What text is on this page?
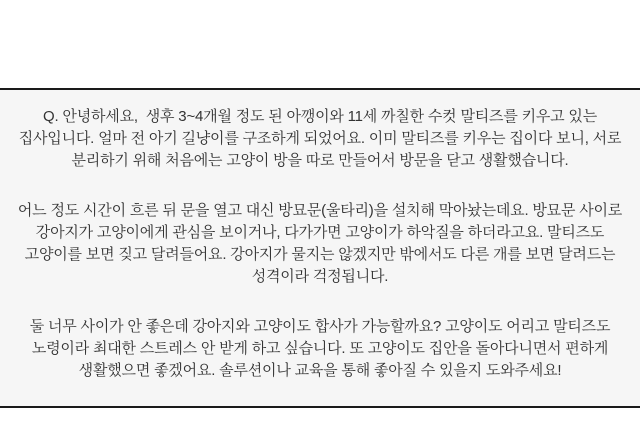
Q. 안녕하세요,  생후 3~4개월 정도 된 아깽이와 11세 까칠한 수컷 말티즈를 키우고 있는 집사입니다. 얼마 전 아기 길냥이를 구조하게 되었어요. 이미 말티즈를 키우는 집이다 보니, 서로 분리하기 위해 처음에는 고양이 방을 따로 만들어서 방문을 닫고 생활했습니다.

어느 정도 시간이 흐른 뒤 문을 열고 대신 방묘문(울타리)을 설치해 막아놨는데요. 방묘문 사이로 강아지가 고양이에게 관심을 보이거나, 다가가면 고양이가 하악질을 하더라고요. 말티즈도 고양이를 보면 짖고 달려들어요. 강아지가 물지는 않겠지만 밖에서도 다른 개를 보면 달려드는 성격이라 걱정됩니다.

둘 너무 사이가 안 좋은데 강아지와 고양이도 합사가 가능할까요? 고양이도 어리고 말티즈도 노령이라 최대한 스트레스 안 받게 하고 싶습니다. 또 고양이도 집안을 돌아다니면서 편하게 생활했으면 좋겠어요. 솔루션이나 교육을 통해 좋아질 수 있을지 도와주세요!
